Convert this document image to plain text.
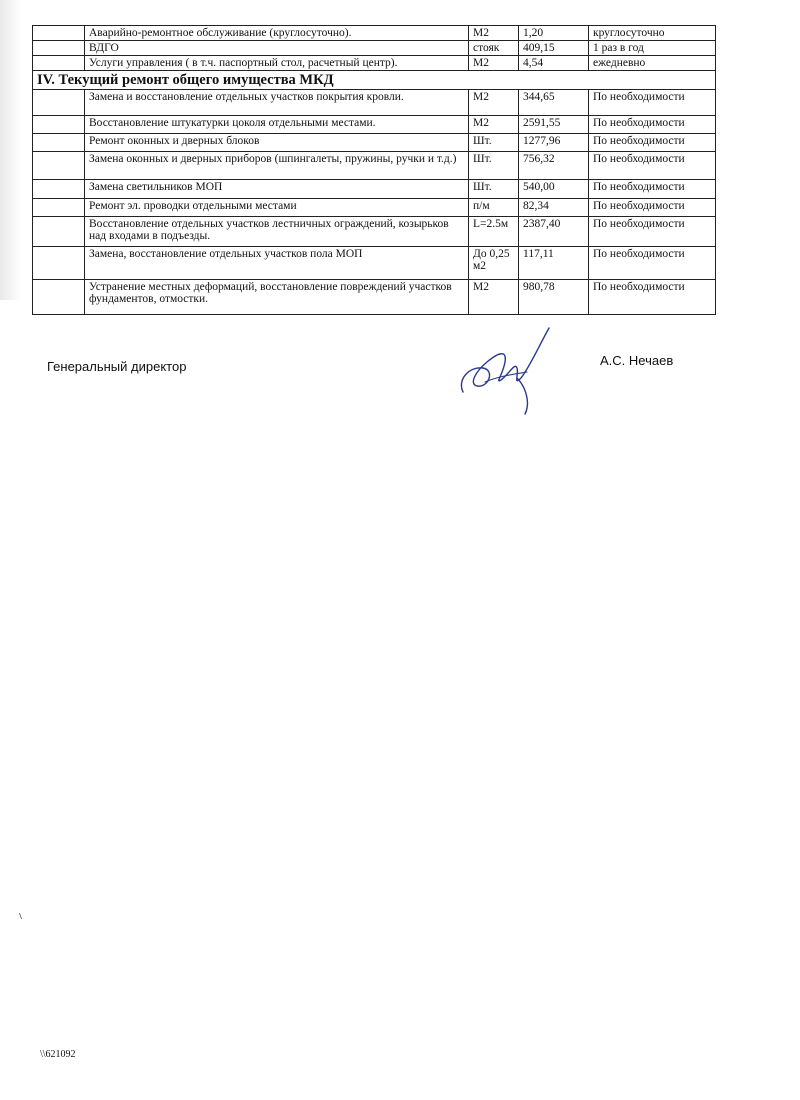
	Аварийно-ремонтное обслуживание (круглосуточно).	М2	1,20	круглосуточно
	ВДГО	стояк	409,15	1 раз в год
	Услуги управления ( в т.ч. паспортный стол, расчетный центр).	М2	4,54	ежедневно
IV. Текущий ремонт общего имущества МКД				
	Замена и восстановление отдельных участков покрытия кровли.	М2	344,65	По необходимости
	Восстановление штукатурки цоколя отдельными местами.	М2	2591,55	По необходимости
	Ремонт оконных и дверных блоков	Шт.	1277,96	По необходимости
	Замена оконных и дверных приборов (шпингалеты, пружины, ручки и т.д.)	Шт.	756,32	По необходимости
	Замена светильников МОП	Шт.	540,00	По необходимости
	Ремонт эл. проводки отдельными местами	п/м	82,34	По необходимости
	Восстановление отдельных участков лестничных ограждений, козырьков над входами в подъезды.	L=2.5м	2387,40	По необходимости
	Замена, восстановление отдельных участков пола МОП	До 0,25 м2	117,11	По необходимости
	Устранение местных деформаций, восстановление повреждений участков фундаментов, отмостки.	М2	980,78	По необходимости
Генеральный директор	А.С. Нечаев
\\621092
